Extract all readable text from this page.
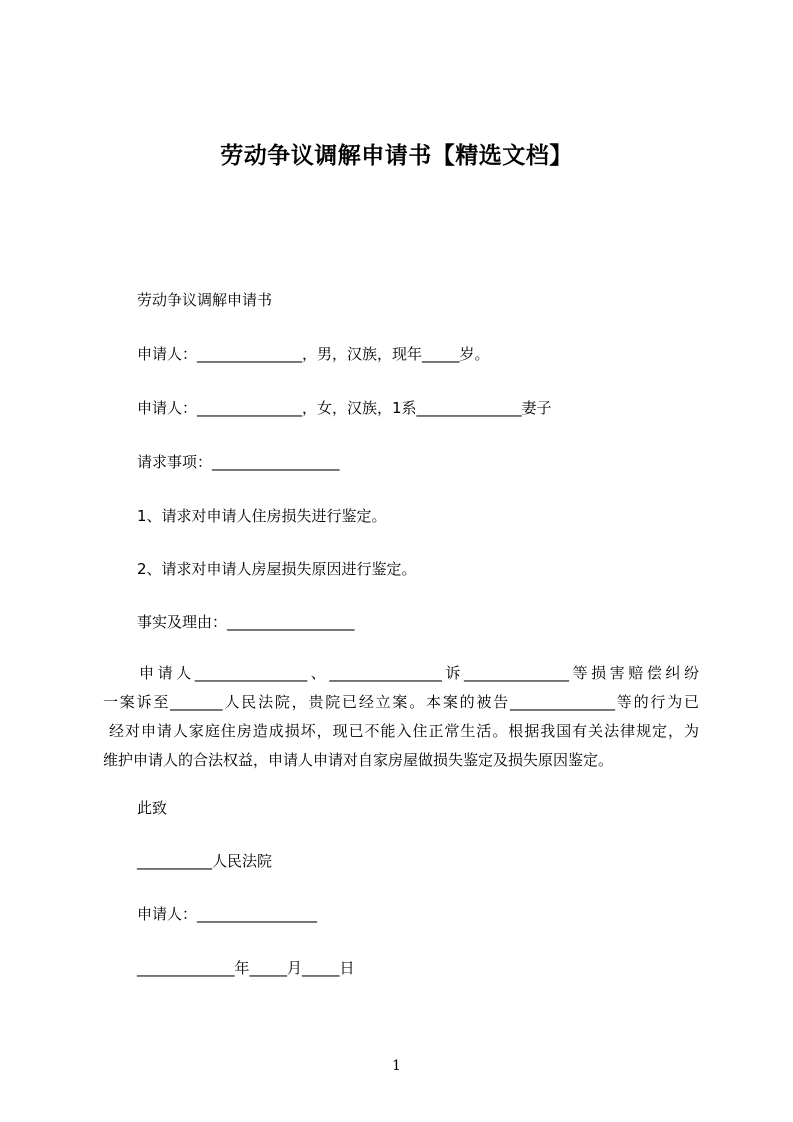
劳动争议调解申请书【精选文档】
劳动争议调解申请书
申请人：______________，男，汉族，现年_____岁。
申请人：______________，女，汉族，1系______________妻子
请求事项：_________________
1、请求对申请人住房损失进行鉴定。
2、请求对申请人房屋损失原因进行鉴定。
事实及理由：_________________
申请人_______________、_______________诉______________等损害赔偿纠纷
一案诉至_______人民法院，贵院已经立案。本案的被告______________等的行为已
经对申请人家庭住房造成损坏，现已不能入住正常生活。根据我国有关法律规定，为
维护申请人的合法权益，申请人申请对自家房屋做损失鉴定及损失原因鉴定。
此致
__________人民法院
申请人：________________
_____________年_____月_____日
1
